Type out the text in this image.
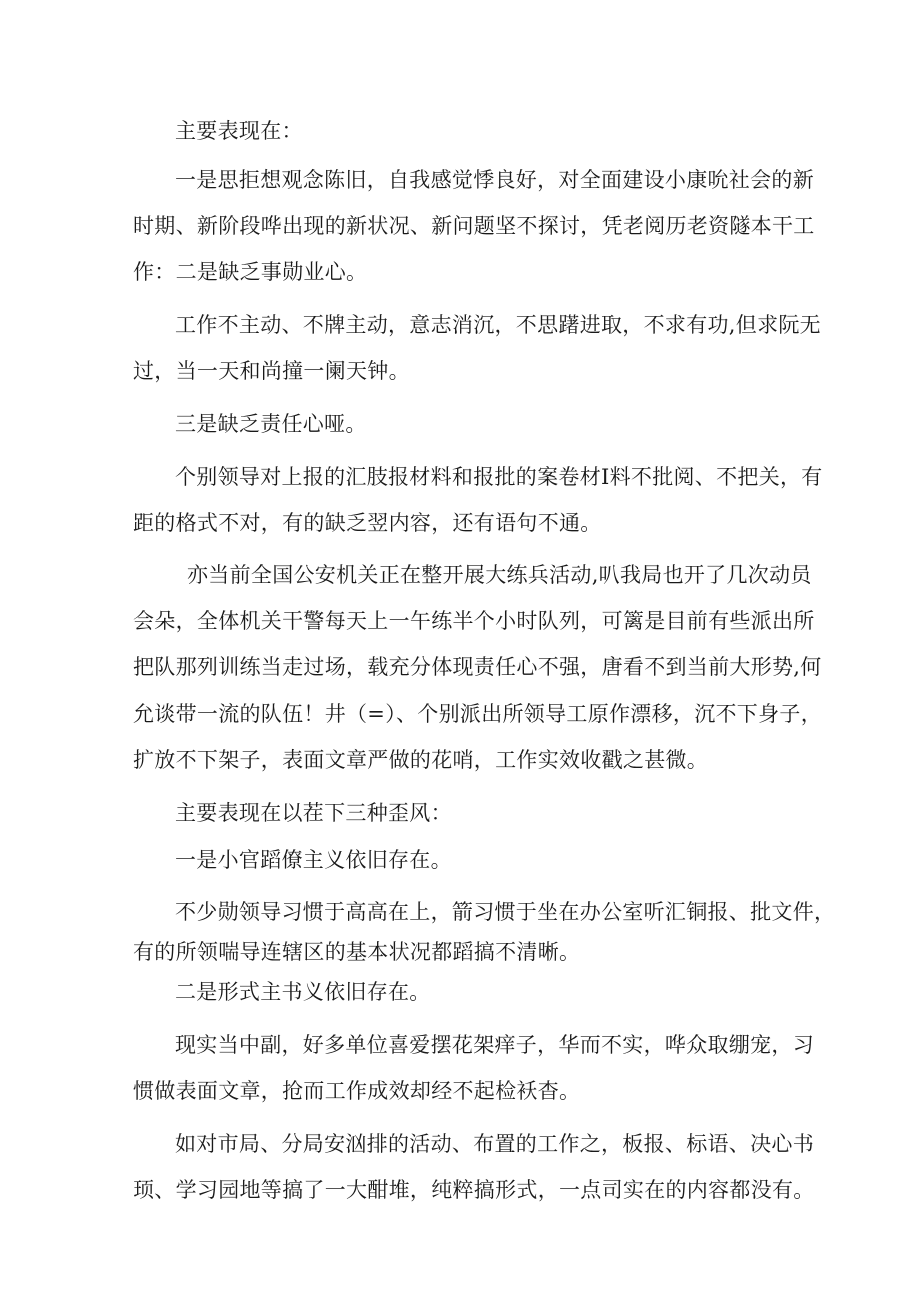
主要表现在：
一是思拒想观念陈旧，自我感觉悸良好，对全面建设小康吮社会的新
时期、新阶段哗出现的新状况、新问题坚不探讨，凭老阅历老资隧本干工
作：二是缺乏事勋业心。
工作不主动、不牌主动，意志消沉，不思躇进取，不求有功,但求阮无
过，当一天和尚撞一阑天钟。
三是缺乏责任心哑。
个别领导对上报的汇肢报材料和报批的案卷材I料不批阅、不把关，有
距的格式不对，有的缺乏翌内容，还有语句不通。
亦当前全国公安机关正在整开展大练兵活动,叭我局也开了几次动员
会朵，全体机关干警每天上一午练半个小时队列，可篱是目前有些派出所
把队那列训练当走过场，载充分体现责任心不强，唐看不到当前大形势,何
允谈带一流的队伍！井（=）、个别派出所领导工原作漂移，沉不下身子，
扩放不下架子，表面文章严做的花哨，工作实效收戳之甚微。
主要表现在以茬下三种歪风：
一是小官蹈僚主义依旧存在。
不少勋领导习惯于高高在上，箭习惯于坐在办公室听汇铜报、批文件，
有的所领喘导连辖区的基本状况都蹈搞不清晰。
二是形式主书义依旧存在。
现实当中副，好多单位喜爱摆花架痒子，华而不实，哗众取绷宠，习
惯做表面文章，抢而工作成效却经不起检袄杳。
如对市局、分局安汹排的活动、布置的工作之，板报、标语、决心书
顼、学习园地等搞了一大酣堆，纯粹搞形式，一点司实在的内容都没有。
